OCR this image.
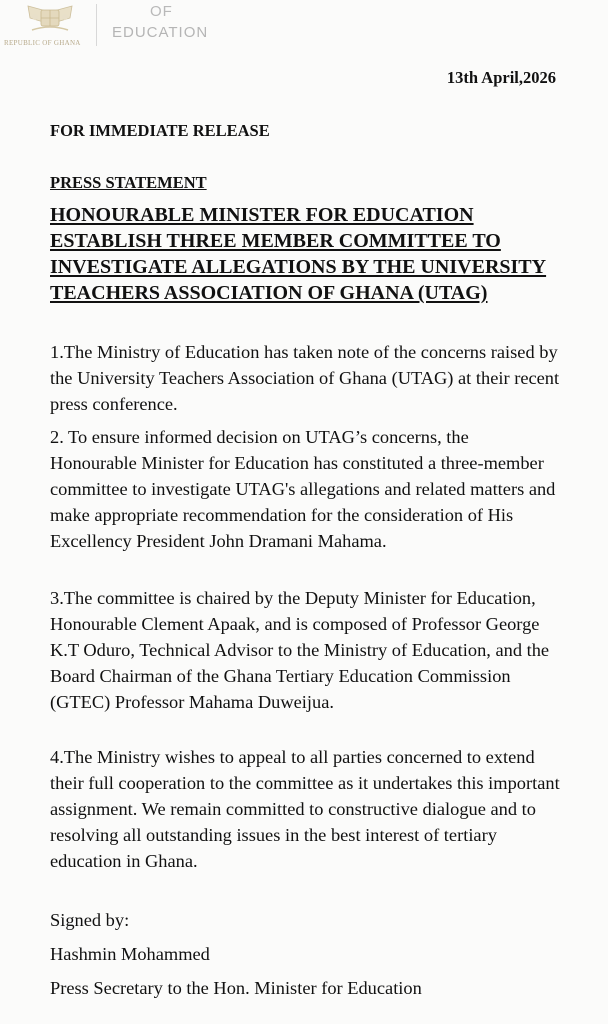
REPUBLIC OF GHANA
OF
EDUCATION
13th April,2026
FOR IMMEDIATE RELEASE
PRESS STATEMENT
HONOURABLE MINISTER FOR EDUCATION ESTABLISH THREE MEMBER COMMITTEE TO INVESTIGATE ALLEGATIONS BY THE UNIVERSITY TEACHERS ASSOCIATION OF GHANA (UTAG)

1.The Ministry of Education has taken note of the concerns raised by the University Teachers Association of Ghana (UTAG) at their recent press conference.

2. To ensure informed decision on UTAG’s concerns, the Honourable Minister for Education has constituted a three-member committee to investigate UTAG's allegations and related matters and make appropriate recommendation for the consideration of His Excellency President John Dramani Mahama.

3.The committee is chaired by the Deputy Minister for Education, Honourable Clement Apaak, and is composed of Professor George K.T Oduro, Technical Advisor to the Ministry of Education, and the Board Chairman of the Ghana Tertiary Education Commission (GTEC) Professor Mahama Duweijua.

4.The Ministry wishes to appeal to all parties concerned to extend their full cooperation to the committee as it undertakes this important assignment. We remain committed to constructive dialogue and to resolving all outstanding issues in the best interest of tertiary education in Ghana.

Signed by:

Hashmin Mohammed

Press Secretary to the Hon. Minister for Education
